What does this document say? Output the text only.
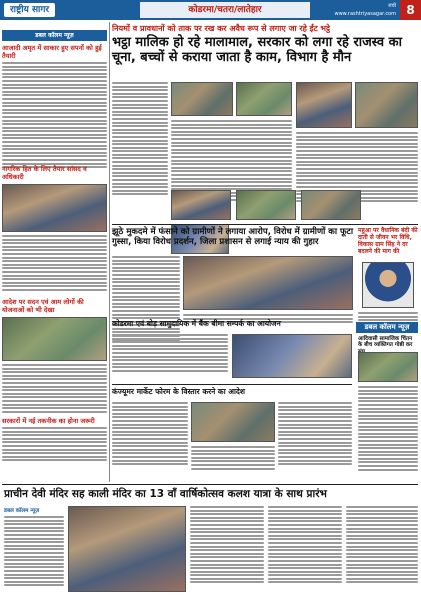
राष्ट्रीय सागर	कोडरमा/चतरा/लातेहार	रांची
www.rashtriyasagar.com 8
डबल कॉलम न्यूज़
आजादी अमृत में साकार हुए सपनों को हुई तैयारी
नागरिक हित के लिए तैयार सांसद व अधिकारी
आदेश पर सदन एवं आम लोगों की योजनाओं को भी देखा
सरकारों में नई तकनीक का होना जरूरी
नियमों व प्रावधानों को ताक पर रख कर अवैध रूप से लगाए जा रहे ईंट भट्ठे
भट्ठा मालिक हो रहे मालामाल, सरकार को लगा रहे राजस्व का चूना, बच्चों से कराया जाता है काम, विभाग है मौन

झूठे मुकदमे में फंसाने को ग्रामीणों ने लगाया आरोप, विरोध में ग्रामीणों का फूटा गुस्सा, किया विरोध प्रदर्शन, जिला प्रशासन से लगाई न्याय की गुहार
महुआ पर वैधानिक बंदी की दाती से जीवन भर विधि, विकास ग्राम सिंह ने दर बदलने की माग की
कोडरमा एवं बोड़ सामुदायिक में बैंक बीमा सम्पर्क का आयोजन	डबल कॉलम न्यूज़
आदिवासी सामाजिक चिंतन के बीच व्यक्तिगत गोष्ठी कर
कंज्यूमर मार्केट फोरम के विस्तार करने का आदेश
प्राचीन देवी मंदिर सह काली मंदिर का 13 वाँ वार्षिकोत्सव कलश यात्रा के साथ प्रारंभ
डबल कॉलम न्यूज़
